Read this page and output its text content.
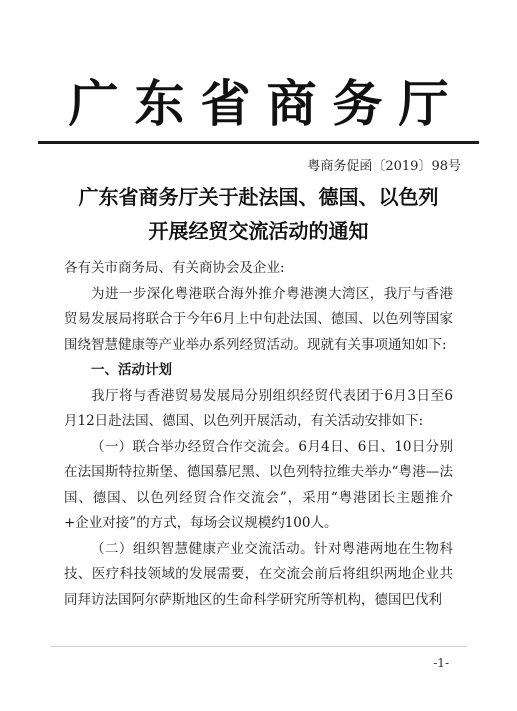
广东省商务厅
粤商务促函〔2019〕98号
广东省商务厅关于赴法国、德国、以色列
开展经贸交流活动的通知

各有关市商务局、有关商协会及企业:

为进一步深化粤港联合海外推介粤港澳大湾区，我厅与香港贸易发展局将联合于今年6月上中旬赴法国、德国、以色列等国家围绕智慧健康等产业举办系列经贸活动。现就有关事项通知如下:

一、活动计划

我厅将与香港贸易发展局分别组织经贸代表团于6月3日至6月12日赴法国、德国、以色列开展活动，有关活动安排如下:

（一）联合举办经贸合作交流会。6月4日、6日、10日分别在法国斯特拉斯堡、德国慕尼黑、以色列特拉维夫举办“粤港—法国、德国、以色列经贸合作交流会”，采用“粤港团长主题推介+企业对接”的方式，每场会议规模约100人。

（二）组织智慧健康产业交流活动。针对粤港两地在生物科技、医疗科技领域的发展需要，在交流会前后将组织两地企业共同拜访法国阿尔萨斯地区的生命科学研究所等机构，德国巴伐利

-1-
